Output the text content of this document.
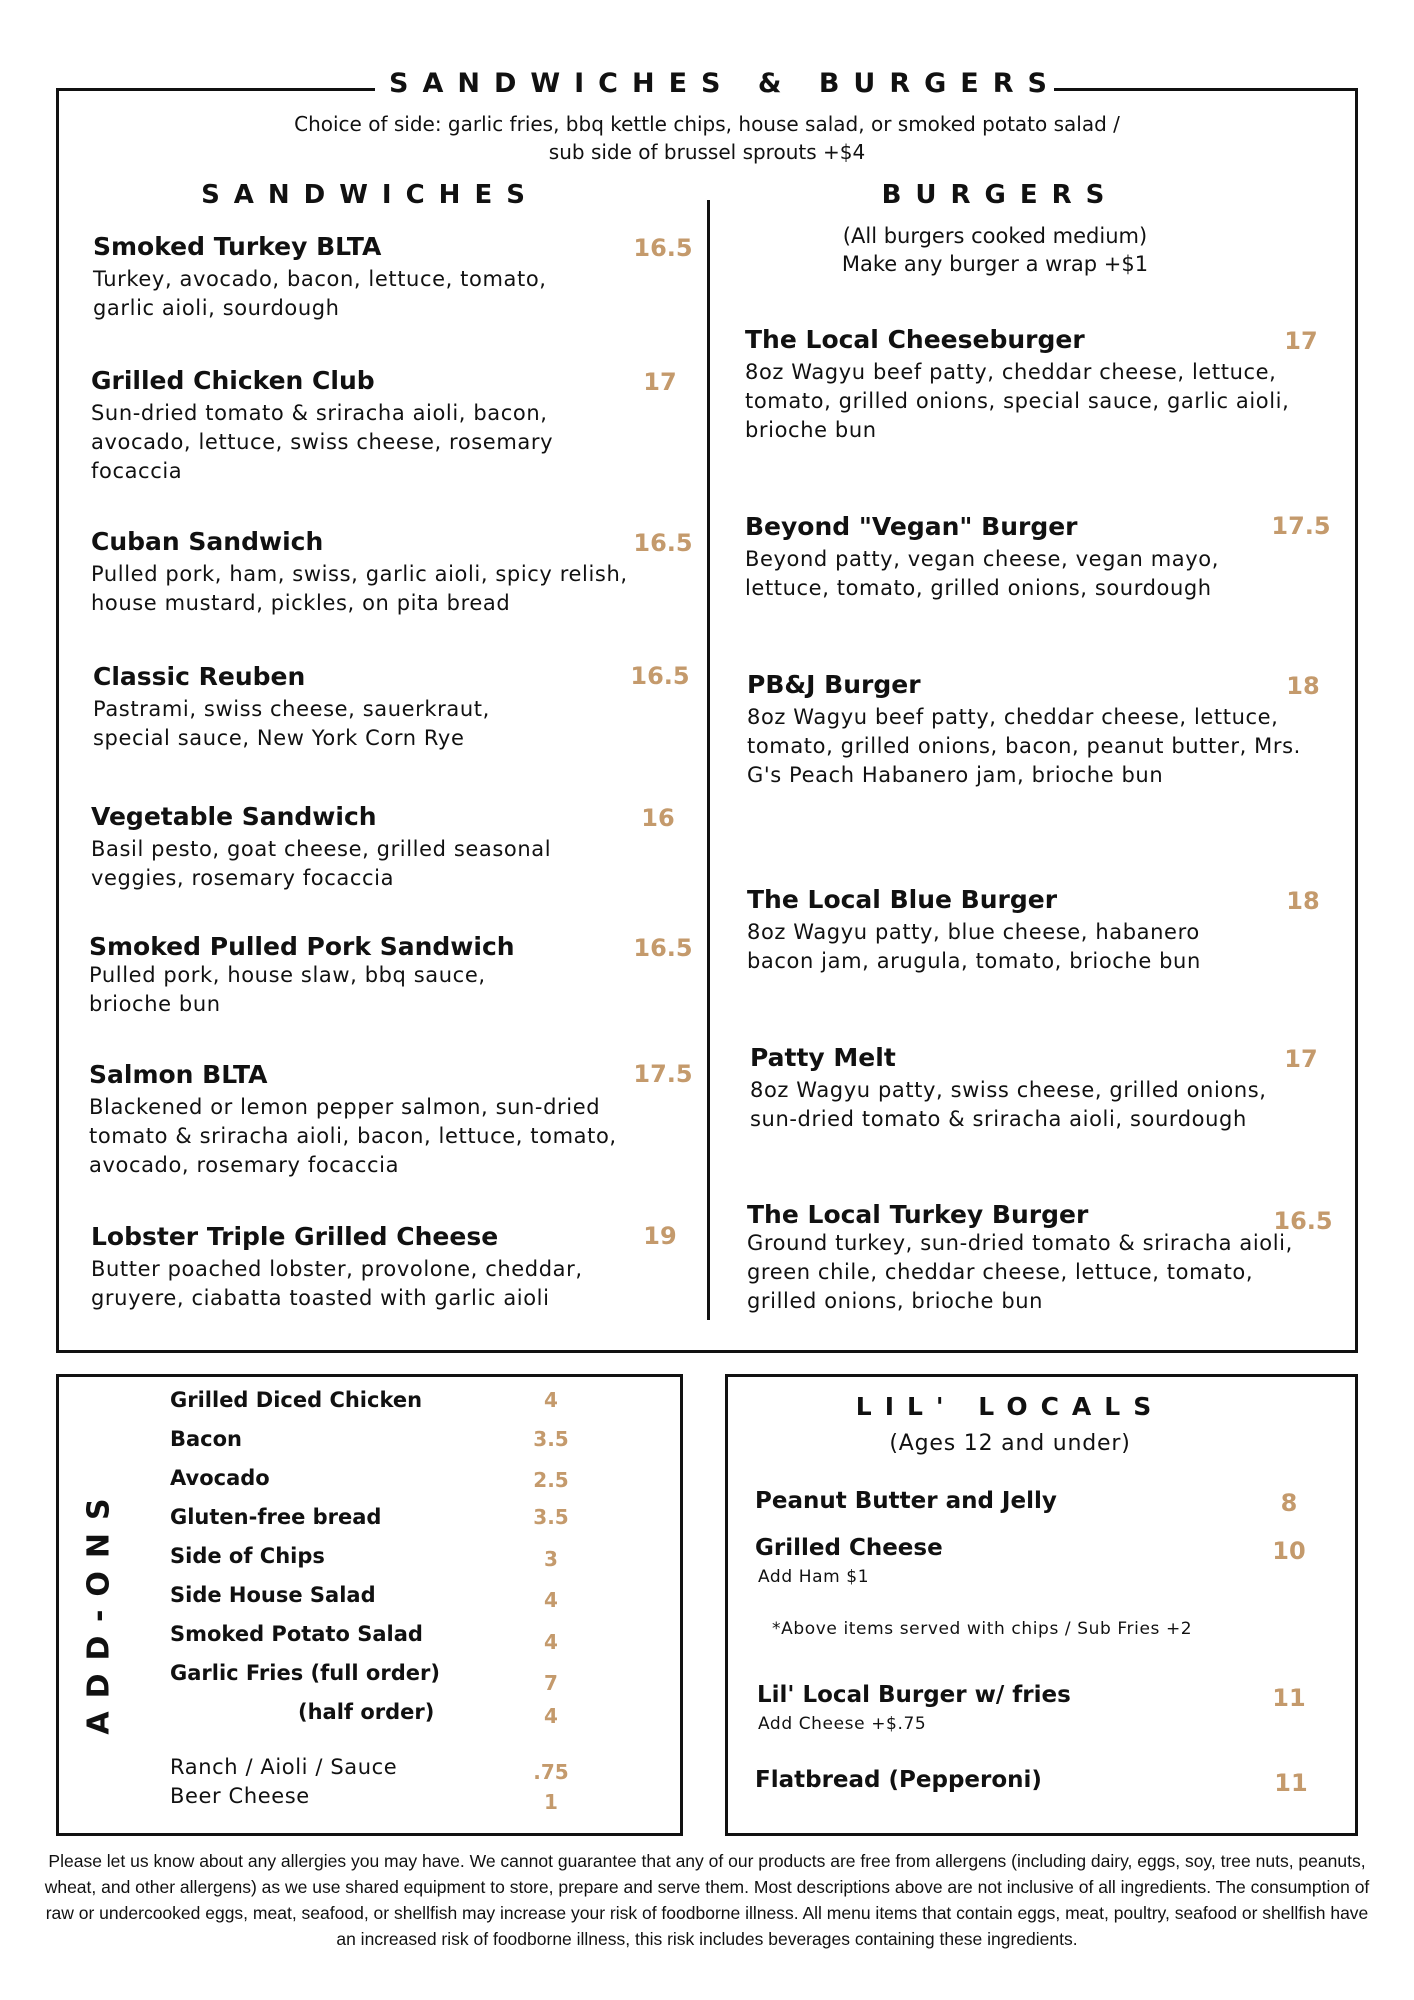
SANDWICHES & BURGERS
Choice of side: garlic fries, bbq kettle chips, house salad, or smoked potato salad /
sub side of brussel sprouts +$4
SANDWICHES
Smoked Turkey BLTA
Turkey, avocado, bacon, lettuce, tomato, garlic aioli, sourdough
16.5
Grilled Chicken Club
Sun-dried tomato & sriracha aioli, bacon, avocado, lettuce, swiss cheese, rosemary focaccia
17
Cuban Sandwich
Pulled pork, ham, swiss, garlic aioli, spicy relish, house mustard, pickles, on pita bread
16.5
Classic Reuben
Pastrami, swiss cheese, sauerkraut, special sauce, New York Corn Rye
16.5
Vegetable Sandwich
Basil pesto, goat cheese, grilled seasonal veggies, rosemary focaccia
16
Smoked Pulled Pork Sandwich
Pulled pork, house slaw, bbq sauce, brioche bun
16.5
Salmon BLTA
Blackened or lemon pepper salmon, sun-dried tomato & sriracha aioli, bacon, lettuce, tomato, avocado, rosemary focaccia
17.5
Lobster Triple Grilled Cheese
Butter poached lobster, provolone, cheddar, gruyere, ciabatta toasted with garlic aioli
19
BURGERS
(All burgers cooked medium)
Make any burger a wrap +$1
The Local Cheeseburger
8oz Wagyu beef patty, cheddar cheese, lettuce, tomato, grilled onions, special sauce, garlic aioli, brioche bun
17
Beyond "Vegan" Burger
Beyond patty, vegan cheese, vegan mayo, lettuce, tomato, grilled onions, sourdough
17.5
PB&J Burger
8oz Wagyu beef patty, cheddar cheese, lettuce, tomato, grilled onions, bacon, peanut butter, Mrs. G's Peach Habanero jam, brioche bun
18
The Local Blue Burger
8oz Wagyu patty, blue cheese, habanero bacon jam, arugula, tomato, brioche bun
18
Patty Melt
8oz Wagyu patty, swiss cheese, grilled onions, sun-dried tomato & sriracha aioli, sourdough
17
The Local Turkey Burger
Ground turkey, sun-dried tomato & sriracha aioli, green chile, cheddar cheese, lettuce, tomato, grilled onions, brioche bun
16.5
ADD-ONS
Grilled Diced Chicken	4
Bacon	3.5
Avocado	2.5
Gluten-free bread	3.5
Side of Chips	3
Side House Salad	4
Smoked Potato Salad	4
Garlic Fries (full order)	7
(half order)	4
Ranch / Aioli / Sauce	.75
Beer Cheese	1
LIL' LOCALS
(Ages 12 and under)
Peanut Butter and Jelly	8
Grilled Cheese	10
Add Ham $1
*Above items served with chips / Sub Fries +2
Lil' Local Burger w/ fries	11
Add Cheese +$.75
Flatbread (Pepperoni)	11
Please let us know about any allergies you may have. We cannot guarantee that any of our products are free from allergens (including dairy, eggs, soy, tree nuts, peanuts, wheat, and other allergens) as we use shared equipment to store, prepare and serve them. Most descriptions above are not inclusive of all ingredients. The consumption of raw or undercooked eggs, meat, seafood, or shellfish may increase your risk of foodborne illness. All menu items that contain eggs, meat, poultry, seafood or shellfish have an increased risk of foodborne illness, this risk includes beverages containing these ingredients.
